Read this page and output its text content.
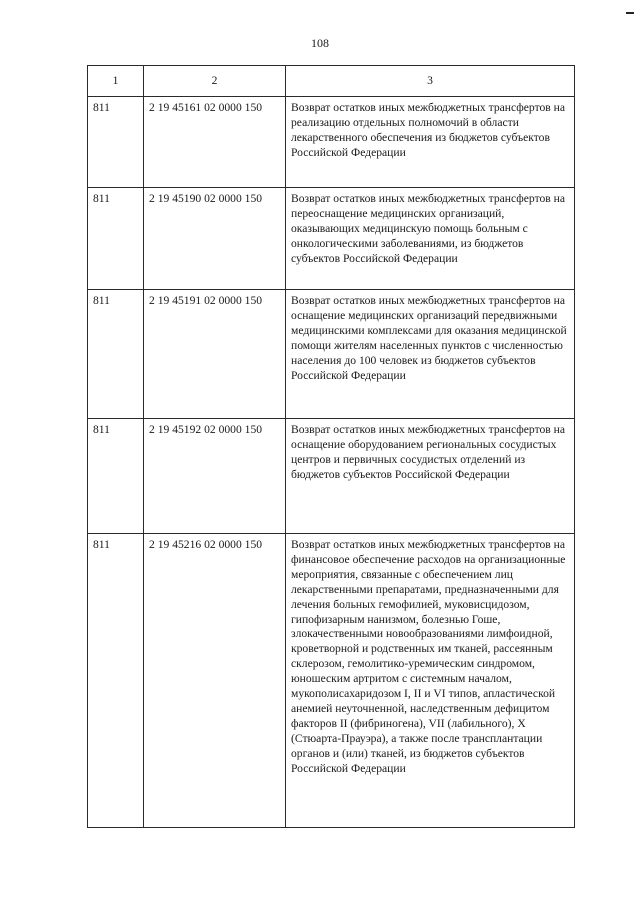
108
1	2	3
811	2 19 45161 02 0000 150	Возврат остатков иных межбюджетных трансфертов на реализацию отдельных полномочий в области лекарственного обеспечения из бюджетов субъектов Российской Федерации
811	2 19 45190 02 0000 150	Возврат остатков иных межбюджетных трансфертов на переоснащение медицинских организаций, оказывающих медицинскую помощь больным с онкологическими заболеваниями, из бюджетов субъектов Российской Федерации
811	2 19 45191 02 0000 150	Возврат остатков иных межбюджетных трансфертов на оснащение медицинских организаций передвижными медицинскими комплексами для оказания медицинской помощи жителям населенных пунктов с численностью населения до 100 человек из бюджетов субъектов Российской Федерации
811	2 19 45192 02 0000 150	Возврат остатков иных межбюджетных трансфертов на оснащение оборудованием региональных сосудистых центров и первичных сосудистых отделений из бюджетов субъектов Российской Федерации
811	2 19 45216 02 0000 150	Возврат остатков иных межбюджетных трансфертов на финансовое обеспечение расходов на организационные мероприятия, связанные с обеспечением лиц лекарственными препаратами, предназначенными для лечения больных гемофилией, муковисцидозом, гипофизарным нанизмом, болезнью Гоше, злокачественными новообразованиями лимфоидной, кроветворной и родственных им тканей, рассеянным склерозом, гемолитико-уремическим синдромом, юношеским артритом с системным началом, мукополисахаридозом I, II и VI типов, апластической анемией неуточненной, наследственным дефицитом факторов II (фибриногена), VII (лабильного), X (Стюарта-Прауэра), а также после трансплантации органов и (или) тканей, из бюджетов субъектов Российской Федерации
